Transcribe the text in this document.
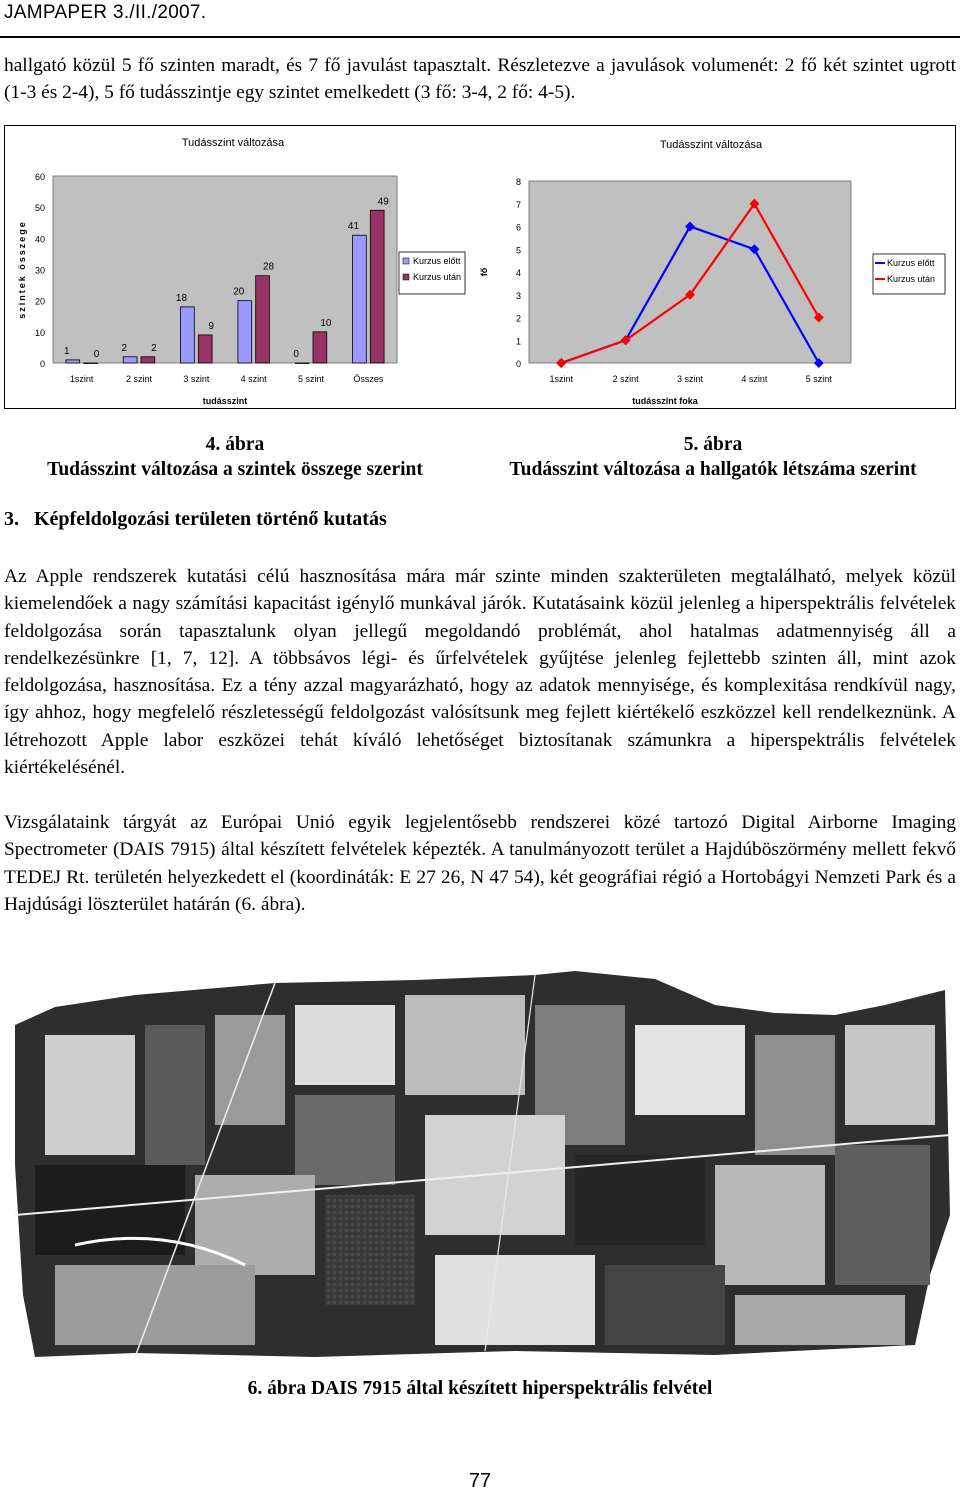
JAMPAPER 3./II./2007.

hallgató közül 5 fő szinten maradt, és 7 fő javulást tapasztalt. Részletezve a javulások volumenét: 2 fő két szintet ugrott (1-3 és 2-4), 5 fő tudásszintje egy szintet emelkedett (3 fő: 3-4, 2 fő: 4-5).

Tudásszint változása
0
10
20
30
40
50
60
1szint	2 szint	3 szint	4 szint	5 szint	Összes
tudásszint
szintek összege
1	2
18
20
0
41
0
2
9
28
10
49
Kurzus előtt
Kurzus után
Tudásszint változása
0
1
2
3
4
5
6
7
8
1szint	2 szint	3 szint	4 szint	5 szint
tudásszint foka
fő
Kurzus előtt
Kurzus után
4. ábra
Tudásszint változása a szintek összege szerint
5. ábra
Tudásszint változása a hallgatók létszáma szerint
3.   Képfeldolgozási területen történő kutatás

Az Apple rendszerek kutatási célú hasznosítása mára már szinte minden szakterületen megtalálható, melyek közül kiemelendőek a nagy számítási kapacitást igénylő munkával járók. Kutatásaink közül jelenleg a hiperspektrális felvételek feldolgozása során tapasztalunk olyan jellegű megoldandó problémát, ahol hatalmas adatmennyiség áll a rendelkezésünkre [1, 7, 12]. A többsávos légi- és űrfelvételek gyűjtése jelenleg fejlettebb szinten áll, mint azok feldolgozása, hasznosítása. Ez a tény azzal magyarázható, hogy az adatok mennyisége, és komplexitása rendkívül nagy, így ahhoz, hogy megfelelő részletességű feldolgozást valósítsunk meg fejlett kiértékelő eszközzel kell rendelkeznünk. A létrehozott Apple labor eszközei tehát kíváló lehetőséget biztosítanak számunkra a hiperspektrális felvételek kiértékelésénél.

Vizsgálataink tárgyát az Európai Unió egyik legjelentősebb rendszerei közé tartozó Digital Airborne Imaging Spectrometer (DAIS 7915) által készített felvételek képezték. A tanulmányozott terület a Hajdúböszörmény mellett fekvő TEDEJ Rt. területén helyezkedett el (koordináták: E 27 26, N 47 54), két geográfiai régió a Hortobágyi Nemzeti Park és a Hajdúsági löszterület határán (6. ábra).

6. ábra DAIS 7915 által készített hiperspektrális felvétel
77
